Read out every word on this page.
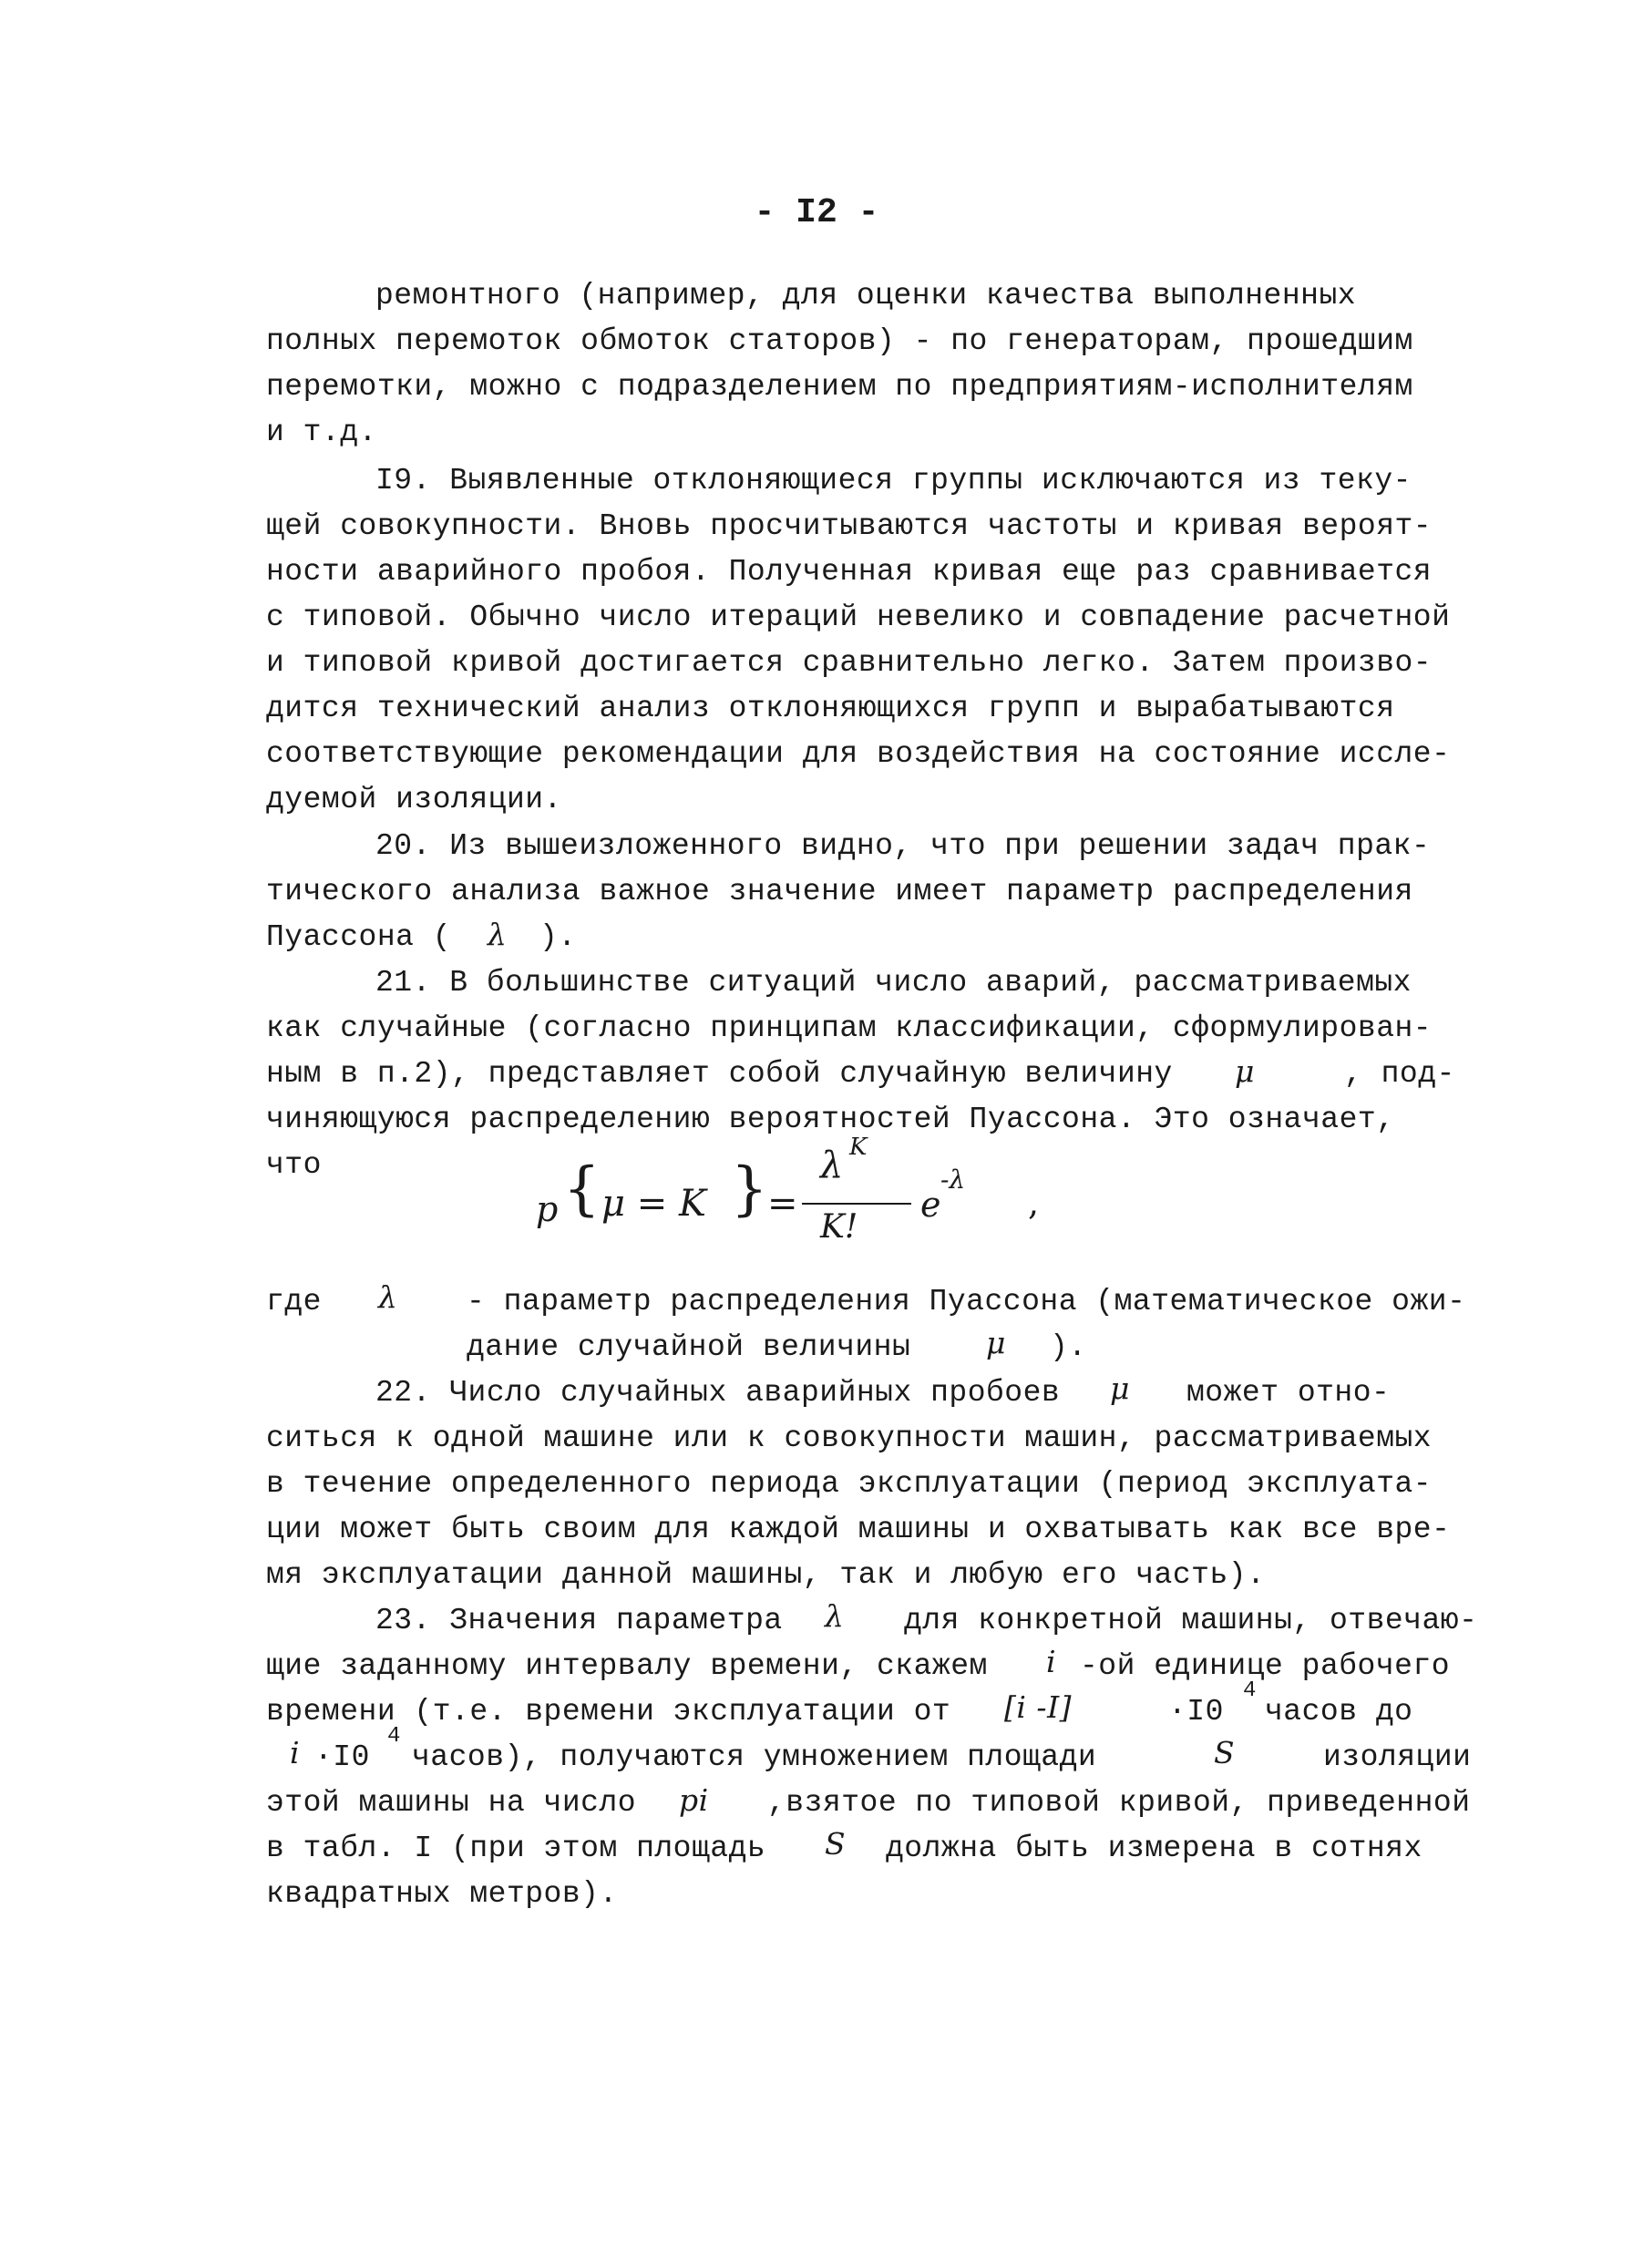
- I2 -
ремонтного (например, для оценки качества выполненных
полных перемоток обмоток статоров) - по генераторам, прошедшим
перемотки, можно с подразделением по предприятиям-исполнителям
и т.д.
I9. Выявленные отклоняющиеся группы исключаются из теку-
щей совокупности. Вновь просчитываются частоты и кривая вероят-
ности аварийного пробоя. Полученная кривая еще раз сравнивается
с типовой. Обычно число итераций невелико и совпадение расчетной
и типовой кривой достигается сравнительно легко. Затем произво-
дится технический анализ отклоняющихся групп и вырабатываются
соответствующие рекомендации для воздействия на состояние иссле-
дуемой изоляции.
20. Из вышеизложенного видно, что при решении задач прак-
тического анализа важное значение имеет параметр распределения
Пуассона ( λ ).
21. В большинстве ситуаций число аварий, рассматриваемых
как случайные (согласно принципам классификации, сформулирован-
ным в п.2), представляет собой случайную величину μ	, под-
чиняющуюся распределению вероятностей Пуассона. Это означает,
что
p { μ = K } =
λ K
K!
e
-λ
,
где λ - параметр распределения Пуассона (математическое ожи-
дание случайной величины	μ ).
22. Число случайных аварийных пробоев μ может отно-
ситься к одной машине или к совокупности машин, рассматриваемых
в течение определенного периода эксплуатации (период эксплуата-
ции может быть своим для каждой машины и охватывать как все вре-
мя эксплуатации данной машины, так и любую его часть).
23. Значения параметра λ для конкретной машины, отвечаю-
щие заданному интервалу времени, скажем i -ой единице рабочего
времени (т.е. времени эксплуатации от [i -I]	·I0
4
часов до
i ·I0
4
часов), получаются умножением площади	S	изоляции
этой машины на число pi ,взятое по типовой кривой, приведенной
в табл. I (при этом площадь S должна быть измерена в сотнях
квадратных метров).
